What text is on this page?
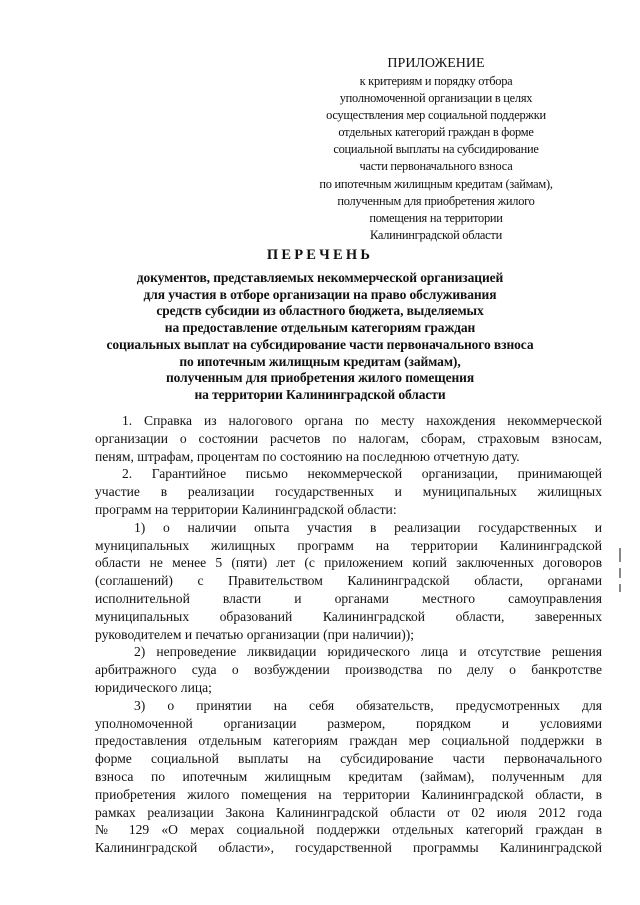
ПРИЛОЖЕНИЕ
к критериям и порядку отбора
уполномоченной организации в целях
осуществления мер социальной поддержки
отдельных категорий граждан в форме
социальной выплаты на субсидирование
части первоначального взноса
по ипотечным жилищным кредитам (займам),
полученным для приобретения жилого
помещения на территории
Калининградской области
ПЕРЕЧЕНЬ
документов, представляемых некоммерческой организацией
для участия в отборе организации на право обслуживания
средств субсидии из областного бюджета, выделяемых
на предоставление отдельным категориям граждан
социальных выплат на субсидирование части первоначального взноса
по ипотечным жилищным кредитам (займам),
полученным для приобретения жилого помещения
на территории Калининградской области
1. Справка из налогового органа по месту нахождения некоммерческой
организации о состоянии расчетов по налогам, сборам, страховым взносам,
пеням, штрафам, процентам по состоянию на последнюю отчетную дату.
2. Гарантийное письмо некоммерческой организации, принимающей
участие в реализации государственных и муниципальных жилищных
программ на территории Калининградской области:
1) о наличии опыта участия в реализации государственных и
муниципальных жилищных программ на территории Калининградской
области не менее 5 (пяти) лет (с приложением копий заключенных договоров
(соглашений) с Правительством Калининградской области, органами
исполнительной власти и органами местного самоуправления
муниципальных образований Калининградской области, заверенных
руководителем и печатью организации (при наличии));
2) непроведение ликвидации юридического лица и отсутствие решения
арбитражного суда о возбуждении производства по делу о банкротстве
юридического лица;
3) о принятии на себя обязательств, предусмотренных для
уполномоченной организации размером, порядком и условиями
предоставления отдельным категориям граждан мер социальной поддержки в
форме социальной выплаты на субсидирование части первоначального
взноса по ипотечным жилищным кредитам (займам), полученным для
приобретения жилого помещения на территории Калининградской области, в
рамках реализации Закона Калининградской области от 02 июля 2012 года
№ 129 «О мерах социальной поддержки отдельных категорий граждан в
Калининградской области», государственной программы Калининградской
